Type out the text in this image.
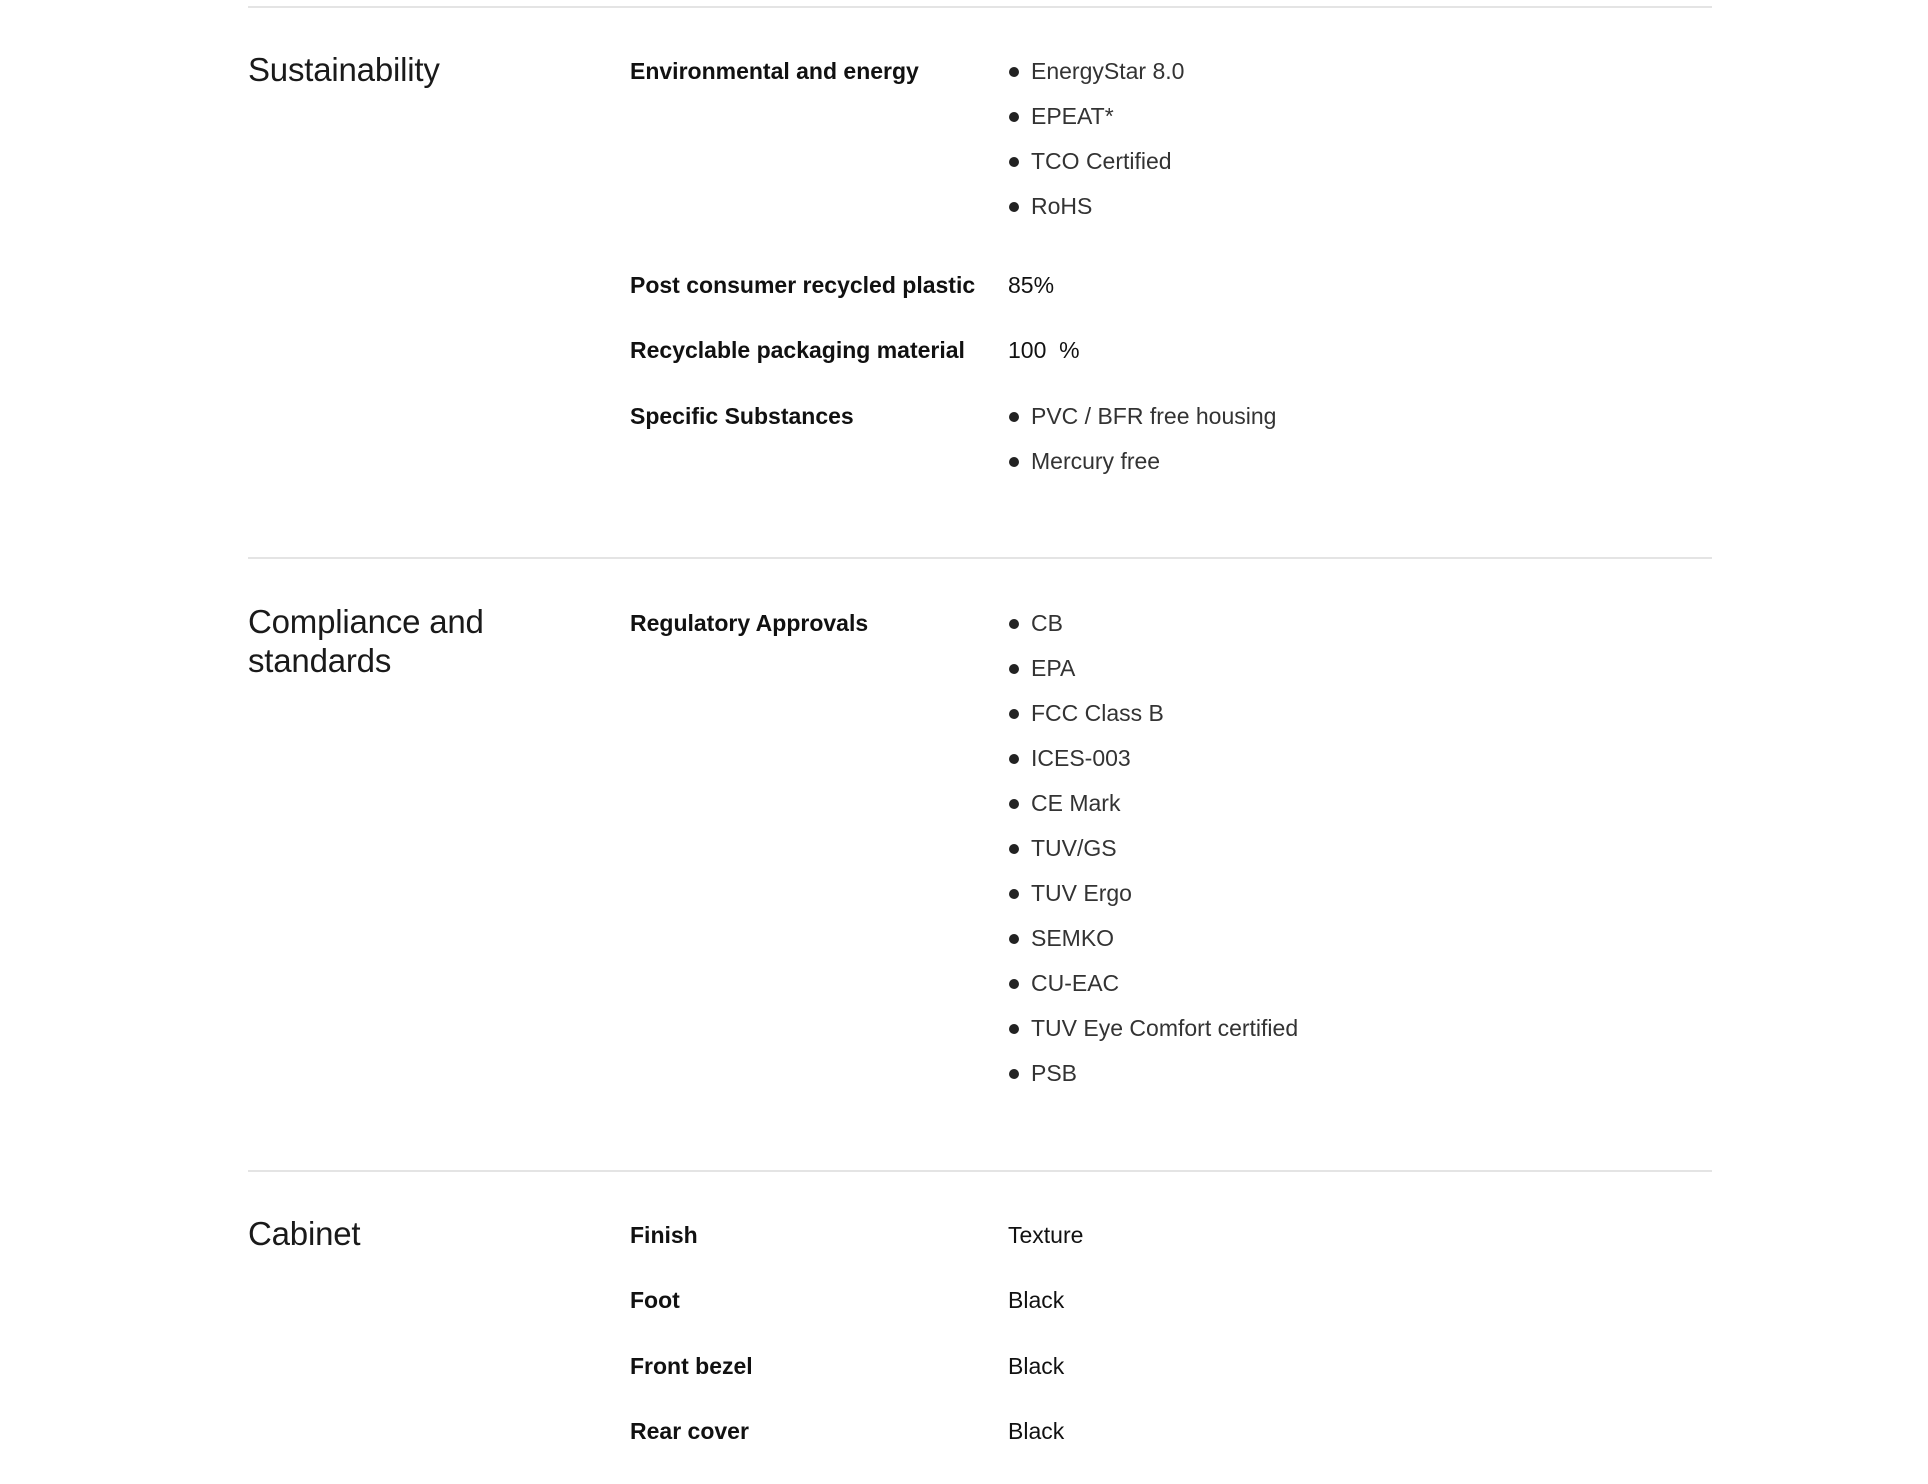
Sustainability	Environmental and energy	EnergyStar 8.0
EPEAT*
TCO Certified
RoHS
Post consumer recycled plastic	85%
Recyclable packaging material	100  %
Specific Substances	PVC / BFR free housing
Mercury free
Compliance and standards
Regulatory Approvals	CB
EPA
FCC Class B
ICES-003
CE Mark
TUV/GS
TUV Ergo
SEMKO
CU-EAC
TUV Eye Comfort certified
PSB
Cabinet	Finish	Texture
Foot	Black
Front bezel	Black
Rear cover	Black
